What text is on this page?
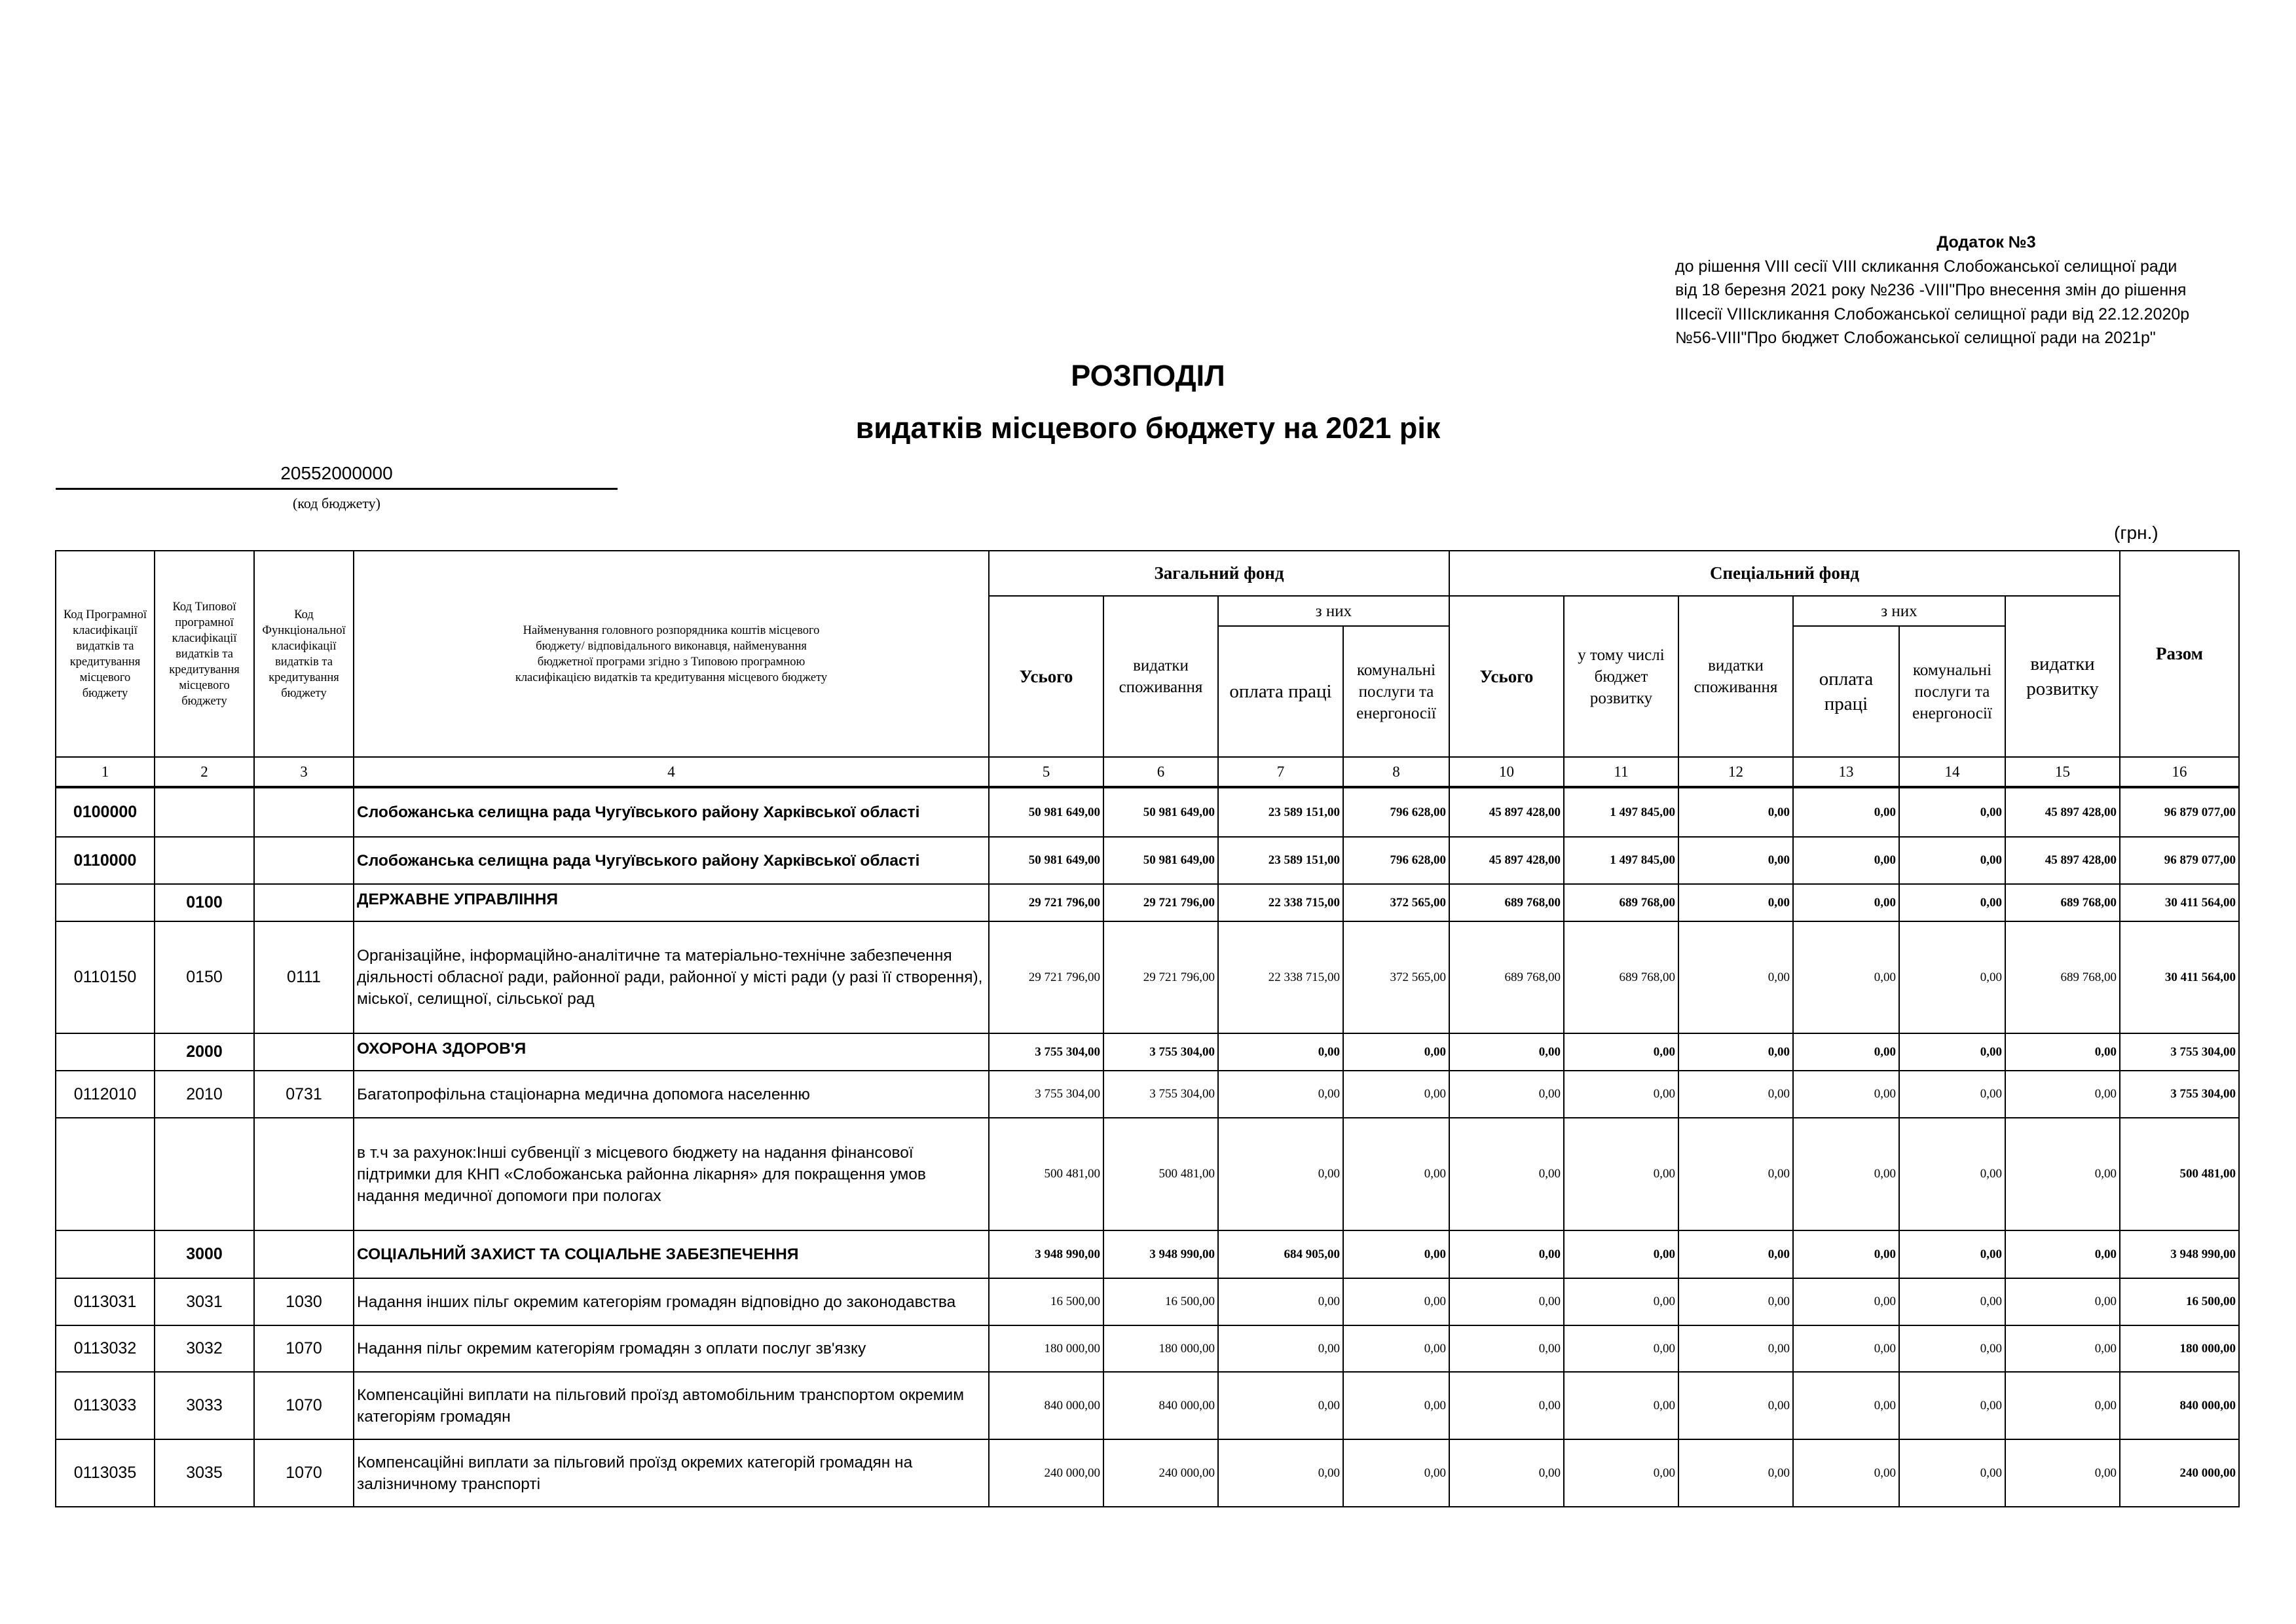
Додаток №3
до рішення VIII сесії VIII скликання Слобожанської селищної ради
від 18 березня 2021 року №236 -VIII"Про внесення змін до рішення
IIIсесії VIIIскликання Слобожанської селищної ради від 22.12.2020р
№56-VIII"Про бюджет Слобожанської селищної ради на 2021р"
РОЗПОДІЛ
видатків місцевого бюджету на 2021 рік
20552000000
(код бюджету)
(грн.)
Код Програмної класифікації видатків та кредитування місцевого бюджету	Код Типової програмної класифікації видатків та кредитування місцевого бюджету	Код Функціональної класифікації видатків та кредитування бюджету	Найменування головного розпорядника коштів місцевого бюджету/ відповідального виконавця, найменування бюджетної програми згідно з Типовою програмною класифікацією видатків та кредитування місцевого бюджету	Загальний фонд				Спеціальний фонд						Разом
				Усього	видатки споживання	з них		Усього	у тому числі бюджет розвитку	видатки споживання	з них		видатки розвитку	
						оплата праці	комунальні послуги та енергоносії				оплата праці	комунальні послуги та енергоносії		
1	2	3	4	5	6	7	8	10	11	12	13	14	15	16
0100000			Слобожанська селищна рада Чугуївського району Харківської області	50 981 649,00	50 981 649,00	23 589 151,00	796 628,00	45 897 428,00	1 497 845,00	0,00	0,00	0,00	45 897 428,00	96 879 077,00
0110000			Слобожанська селищна рада Чугуївського району Харківської області	50 981 649,00	50 981 649,00	23 589 151,00	796 628,00	45 897 428,00	1 497 845,00	0,00	0,00	0,00	45 897 428,00	96 879 077,00
	0100		ДЕРЖАВНЕ УПРАВЛІННЯ	29 721 796,00	29 721 796,00	22 338 715,00	372 565,00	689 768,00	689 768,00	0,00	0,00	0,00	689 768,00	30 411 564,00
0110150	0150	0111	Організаційне, інформаційно-аналітичне та матеріально-технічне забезпечення діяльності обласної ради, районної ради, районної у місті ради (у разі її створення), міської, селищної, сільської рад	29 721 796,00	29 721 796,00	22 338 715,00	372 565,00	689 768,00	689 768,00	0,00	0,00	0,00	689 768,00	30 411 564,00
	2000		ОХОРОНА ЗДОРОВ'Я	3 755 304,00	3 755 304,00	0,00	0,00	0,00	0,00	0,00	0,00	0,00	0,00	3 755 304,00
0112010	2010	0731	Багатопрофільна стаціонарна медична допомога населенню	3 755 304,00	3 755 304,00	0,00	0,00	0,00	0,00	0,00	0,00	0,00	0,00	3 755 304,00
			в т.ч за рахунок:Інші субвенції з місцевого бюджету на надання фінансової підтримки для КНП «Слобожанська районна лікарня» для покращення умов надання медичної допомоги при пологах	500 481,00	500 481,00	0,00	0,00	0,00	0,00	0,00	0,00	0,00	0,00	500 481,00
	3000		СОЦІАЛЬНИЙ ЗАХИСТ ТА СОЦІАЛЬНЕ ЗАБЕЗПЕЧЕННЯ	3 948 990,00	3 948 990,00	684 905,00	0,00	0,00	0,00	0,00	0,00	0,00	0,00	3 948 990,00
0113031	3031	1030	Надання інших пільг окремим категоріям громадян відповідно до законодавства	16 500,00	16 500,00	0,00	0,00	0,00	0,00	0,00	0,00	0,00	0,00	16 500,00
0113032	3032	1070	Надання пільг окремим категоріям громадян з оплати послуг зв'язку	180 000,00	180 000,00	0,00	0,00	0,00	0,00	0,00	0,00	0,00	0,00	180 000,00
0113033	3033	1070	Компенсаційні виплати на пільговий проїзд автомобільним транспортом окремим категоріям громадян	840 000,00	840 000,00	0,00	0,00	0,00	0,00	0,00	0,00	0,00	0,00	840 000,00
0113035	3035	1070	Компенсаційні виплати за пільговий проїзд окремих категорій громадян на залізничному транспорті	240 000,00	240 000,00	0,00	0,00	0,00	0,00	0,00	0,00	0,00	0,00	240 000,00
